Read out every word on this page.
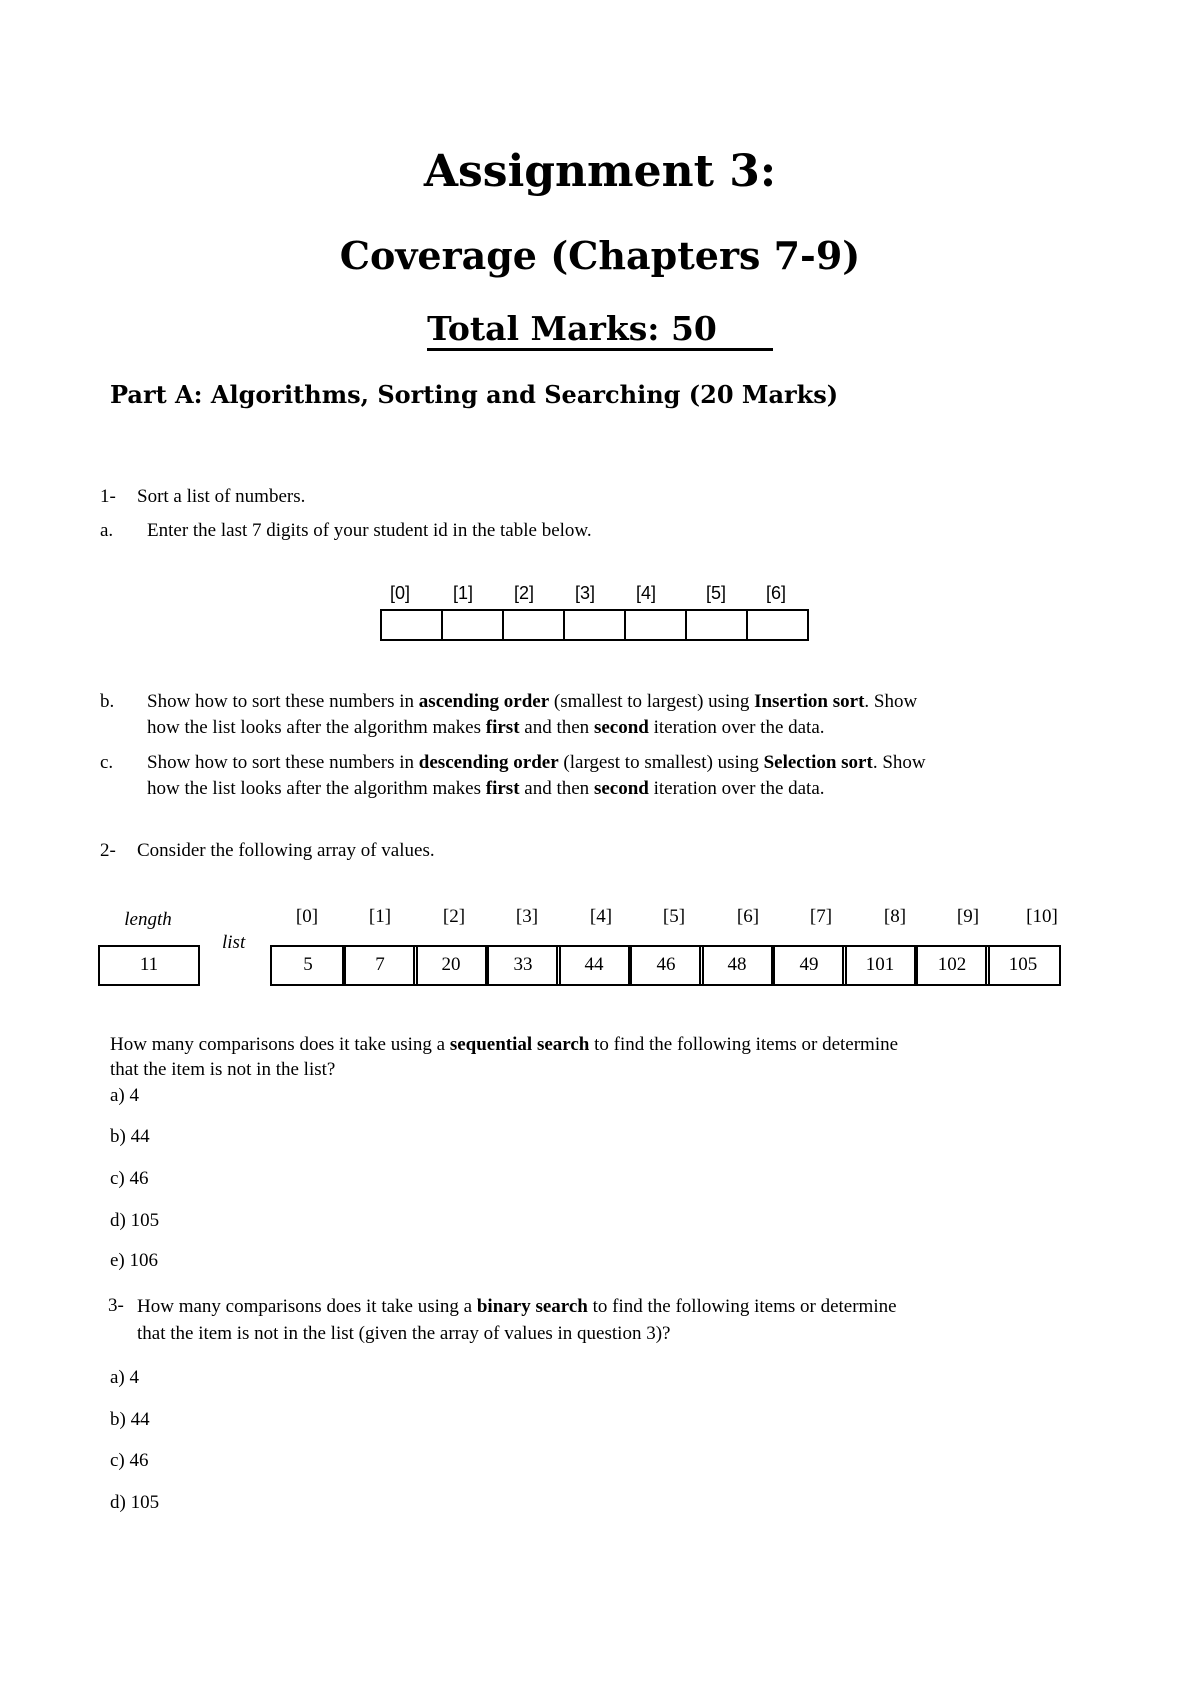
Assignment 3:
Coverage (Chapters 7-9)
Total Marks: 50
Part A: Algorithms, Sorting and Searching (20 Marks)
1- Sort a list of numbers.
a. Enter the last 7 digits of your student id in the table below.
[0]	[1]	[2]	[3]	[4]	[5]	[6]
b. Show how to sort these numbers in ascending order (smallest to largest) using Insertion sort. Show
how the list looks after the algorithm makes first and then second iteration over the data.
c. Show how to sort these numbers in descending order (largest to smallest) using Selection sort. Show
how the list looks after the algorithm makes first and then second iteration over the data.
2- Consider the following array of values.
length
11
list
[0]	[1]	[2]	[3]	[4]	[5]	[6]	[7]	[8]	[9]	[10]
5	7	20	33	44	46	48	49	101	102	105
How many comparisons does it take using a sequential search to find the following items or determine
that the item is not in the list?
a) 4
b) 44
c) 46
d) 105
e) 106
3- How many comparisons does it take using a binary search to find the following items or determine
that the item is not in the list (given the array of values in question 3)?
a) 4
b) 44
c) 46
d) 105
